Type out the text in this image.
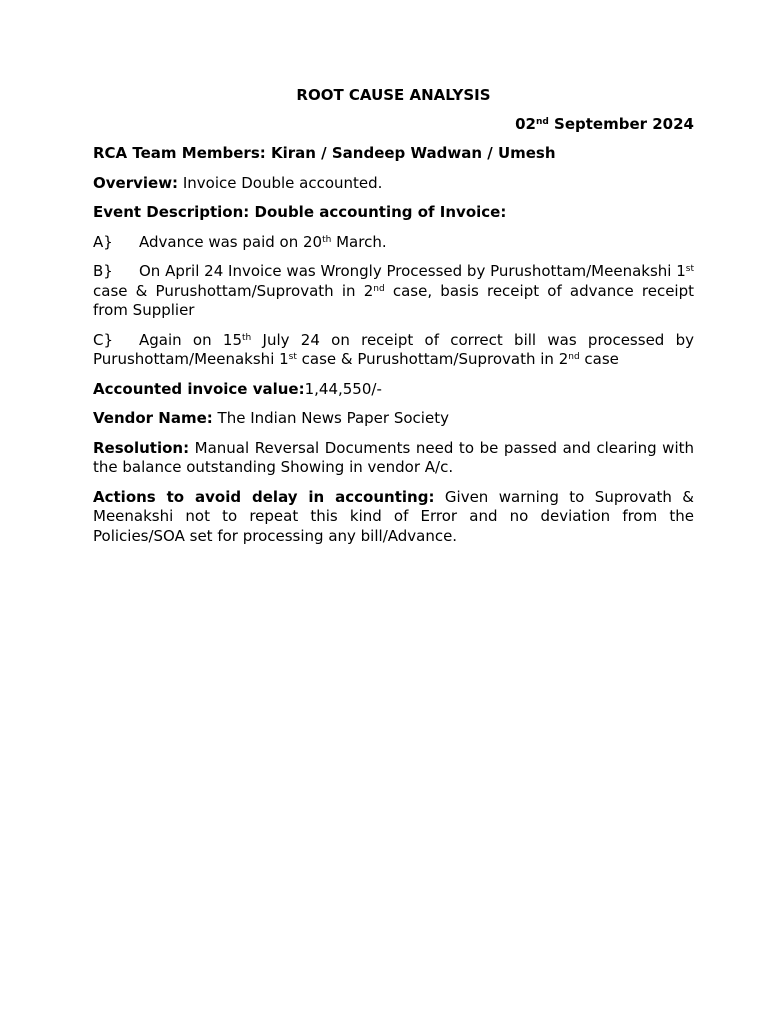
ROOT CAUSE ANALYSIS

02nd September 2024

RCA Team Members: Kiran / Sandeep Wadwan / Umesh

Overview: Invoice Double accounted.

Event Description: Double accounting of Invoice:

A} Advance was paid on 20th March.

B} On April 24 Invoice was Wrongly Processed by Purushottam/Meenakshi 1st case & Purushottam/Suprovath in 2nd case, basis receipt of advance receipt from Supplier

C} Again on 15th July 24 on receipt of correct bill was processed by Purushottam/Meenakshi 1st case & Purushottam/Suprovath in 2nd case

Accounted invoice value:1,44,550/-

Vendor Name: The Indian News Paper Society

Resolution: Manual Reversal Documents need to be passed and clearing with the balance outstanding Showing in vendor A/c.

Actions to avoid delay in accounting: Given warning to Suprovath & Meenakshi not to repeat this kind of Error and no deviation from the Policies/SOA set for processing any bill/Advance.
